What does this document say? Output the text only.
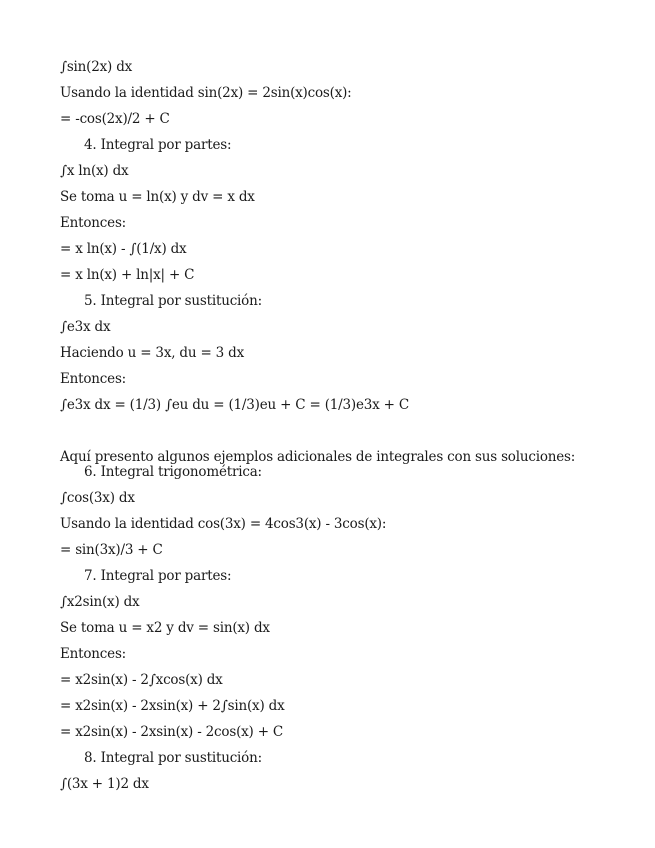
∫sin(2x) dx
Usando la identidad sin(2x) = 2sin(x)cos(x):
= -cos(2x)/2 + C
4. Integral por partes:
∫x ln(x) dx
Se toma u = ln(x) y dv = x dx
Entonces:
= x ln(x) - ∫(1/x) dx
= x ln(x) + ln|x| + C
5. Integral por sustitución:
∫e3x dx
Haciendo u = 3x, du = 3 dx
Entonces:
∫e3x dx = (1/3) ∫eu du = (1/3)eu + C = (1/3)e3x + C
Aquí presento algunos ejemplos adicionales de integrales con sus soluciones:
6. Integral trigonométrica:
∫cos(3x) dx
Usando la identidad cos(3x) = 4cos3(x) - 3cos(x):
= sin(3x)/3 + C
7. Integral por partes:
∫x2sin(x) dx
Se toma u = x2 y dv = sin(x) dx
Entonces:
= x2sin(x) - 2∫xcos(x) dx
= x2sin(x) - 2xsin(x) + 2∫sin(x) dx
= x2sin(x) - 2xsin(x) - 2cos(x) + C
8. Integral por sustitución:
∫(3x + 1)2 dx
